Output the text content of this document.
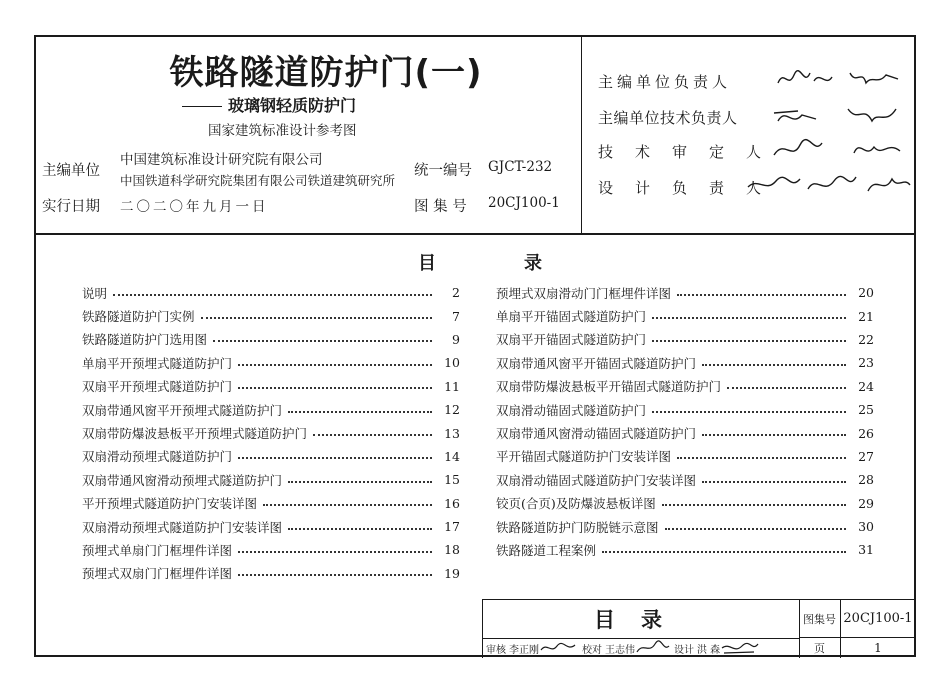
铁路隧道防护门(一)
玻璃钢轻质防护门
国家建筑标准设计参考图
主编单位
中国建筑标准设计研究院有限公司
中国铁道科学研究院集团有限公司铁道建筑研究所
实行日期 二〇二〇年九月一日
统一编号 GJCT-232
图 集 号 20CJ100-1
主编单位负责人
主编单位技术负责人
技术审定人
设计负责人
目	录
说明	2
铁路隧道防护门实例	7
铁路隧道防护门选用图	9
单扇平开预埋式隧道防护门	10
双扇平开预埋式隧道防护门	11
双扇带通风窗平开预埋式隧道防护门	12
双扇带防爆波悬板平开预埋式隧道防护门	13
双扇滑动预埋式隧道防护门	14
双扇带通风窗滑动预埋式隧道防护门	15
平开预埋式隧道防护门安装详图	16
双扇滑动预埋式隧道防护门安装详图	17
预埋式单扇门门框埋件详图	18
预埋式双扇门门框埋件详图	19
预埋式双扇滑动门门框埋件详图	20
单扇平开锚固式隧道防护门	21
双扇平开锚固式隧道防护门	22
双扇带通风窗平开锚固式隧道防护门	23
双扇带防爆波悬板平开锚固式隧道防护门	24
双扇滑动锚固式隧道防护门	25
双扇带通风窗滑动锚固式隧道防护门	26
平开锚固式隧道防护门安装详图	27
双扇滑动锚固式隧道防护门安装详图	28
铰页(合页)及防爆波悬板详图	29
铁路隧道防护门防脱链示意图	30
铁路隧道工程案例	31
目录	图集号 20CJ100-1
页	1
审核 李正刚	校对 王志伟	设计 洪 森
